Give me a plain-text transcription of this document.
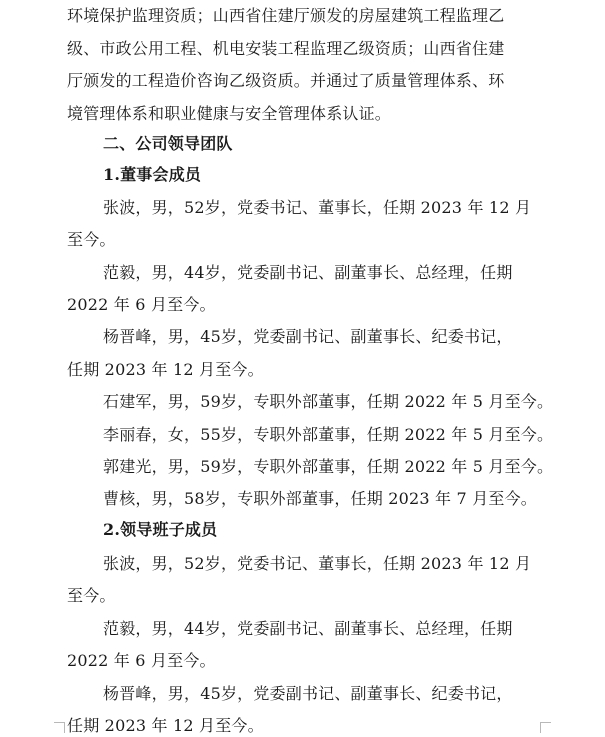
环境保护监理资质；山西省住建厅颁发的房屋建筑工程监理乙
级、市政公用工程、机电安装工程监理乙级资质；山西省住建
厅颁发的工程造价咨询乙级资质。并通过了质量管理体系、环
境管理体系和职业健康与安全管理体系认证。
二、公司领导团队
1.董事会成员
张波，男，52岁，党委书记、董事长，任期 2023 年 12 月
至今。
范毅，男，44岁，党委副书记、副董事长、总经理，任期
2022 年 6 月至今。
杨晋峰，男，45岁，党委副书记、副董事长、纪委书记，
任期 2023 年 12 月至今。
石建军，男，59岁，专职外部董事，任期 2022 年 5 月至今。
李丽春，女，55岁，专职外部董事，任期 2022 年 5 月至今。
郭建光，男，59岁，专职外部董事，任期 2022 年 5 月至今。
曹核，男，58岁，专职外部董事，任期 2023 年 7 月至今。
2.领导班子成员
张波，男，52岁，党委书记、董事长，任期 2023 年 12 月
至今。
范毅，男，44岁，党委副书记、副董事长、总经理，任期
2022 年 6 月至今。
杨晋峰，男，45岁，党委副书记、副董事长、纪委书记，
任期 2023 年 12 月至今。
